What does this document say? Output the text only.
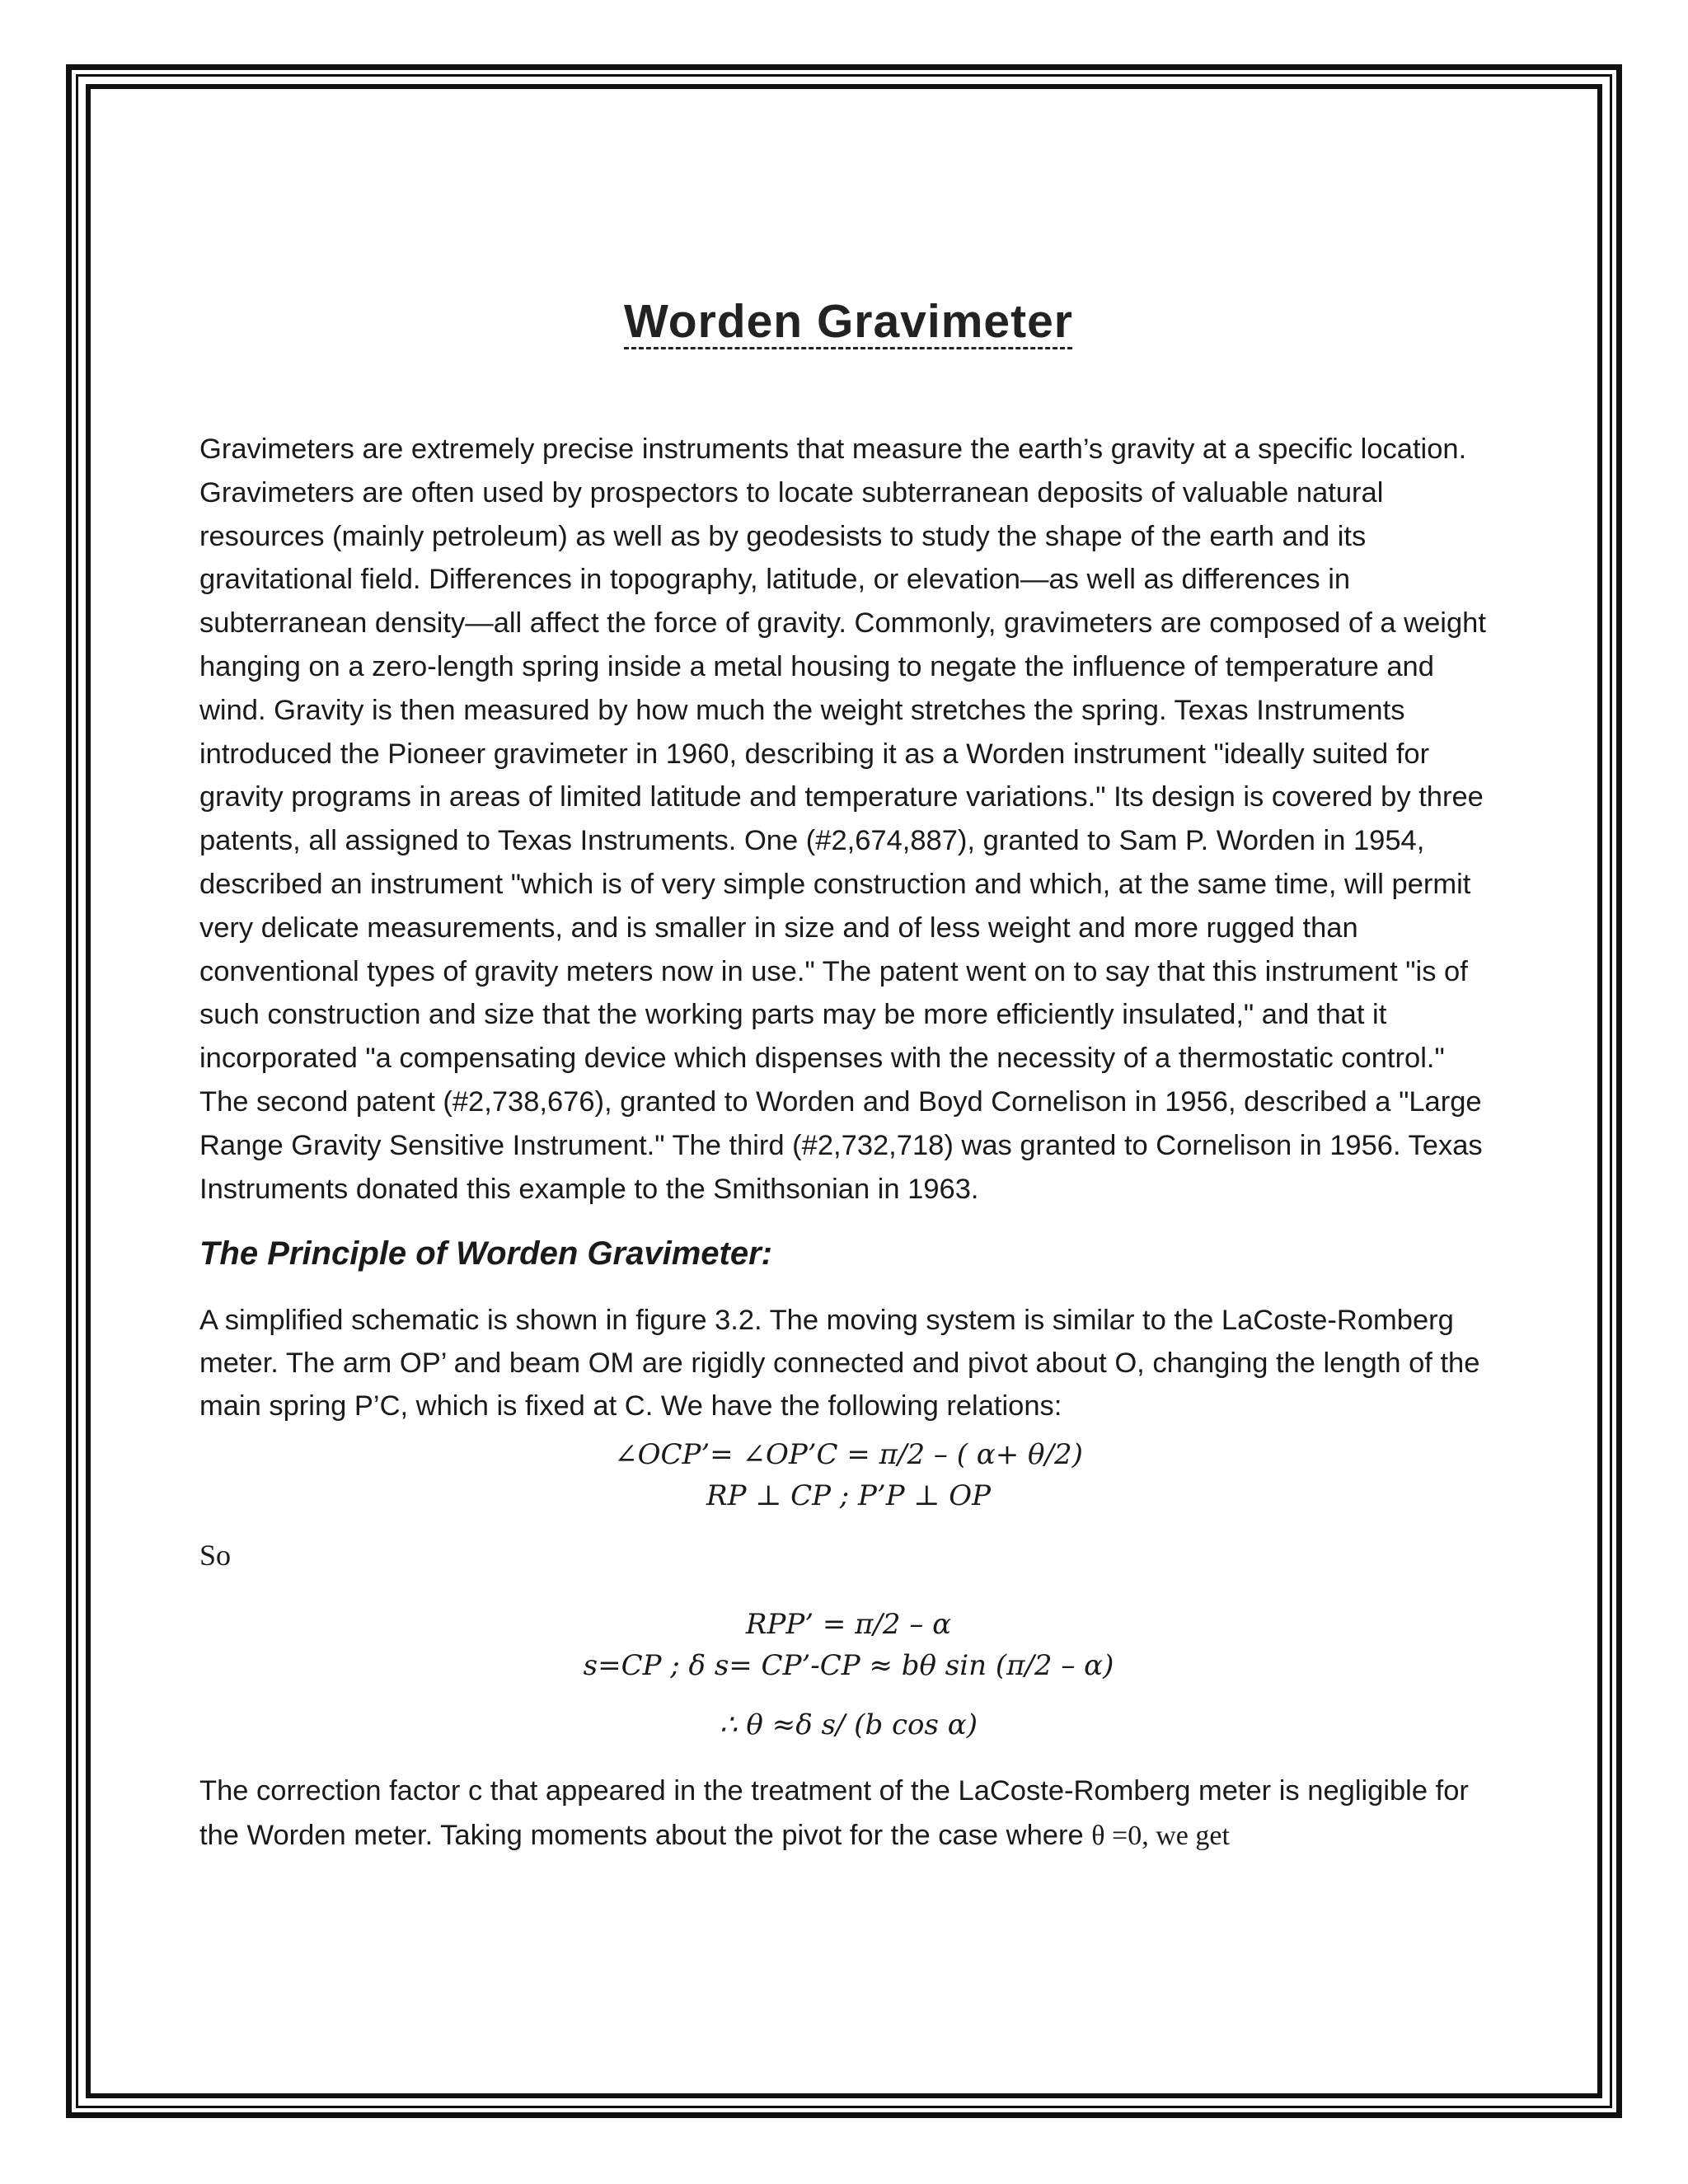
Worden Gravimeter

Gravimeters are extremely precise instruments that measure the earth’s gravity at a specific location. Gravimeters are often used by prospectors to locate subterranean deposits of valuable natural resources (mainly petroleum) as well as by geodesists to study the shape of the earth and its gravitational field. Differences in topography, latitude, or elevation—as well as differences in subterranean density—all affect the force of gravity. Commonly, gravimeters are composed of a weight hanging on a zero-length spring inside a metal housing to negate the influence of temperature and wind. Gravity is then measured by how much the weight stretches the spring. Texas Instruments introduced the Pioneer gravimeter in 1960, describing it as a Worden instrument "ideally suited for gravity programs in areas of limited latitude and temperature variations." Its design is covered by three patents, all assigned to Texas Instruments. One (#2,674,887), granted to Sam P. Worden in 1954, described an instrument "which is of very simple construction and which, at the same time, will permit very delicate measurements, and is smaller in size and of less weight and more rugged than conventional types of gravity meters now in use." The patent went on to say that this instrument "is of such construction and size that the working parts may be more efficiently insulated," and that it incorporated "a compensating device which dispenses with the necessity of a thermostatic control." The second patent (#2,738,676), granted to Worden and Boyd Cornelison in 1956, described a "Large Range Gravity Sensitive Instrument." The third (#2,732,718) was granted to Cornelison in 1956. Texas Instruments donated this example to the Smithsonian in 1963.

The Principle of Worden Gravimeter:

A simplified schematic is shown in figure 3.2. The moving system is similar to the LaCoste-Romberg meter. The arm OP’ and beam OM are rigidly connected and pivot about O, changing the length of the main spring P’C, which is fixed at C. We have the following relations:

∠OCP’= ∠OP’C = π/2 – ( α+ θ/2)

RP ⊥ CP ; P’P ⊥ OP

So

RPP’ = π/2 – α

s=CP ; δ s= CP’-CP ≈ bθ sin (π/2 – α)

∴ θ ≈δ s/ (b cos α)

The correction factor c that appeared in the treatment of the LaCoste-Romberg meter is negligible for the Worden meter. Taking moments about the pivot for the case where θ =0, we get
